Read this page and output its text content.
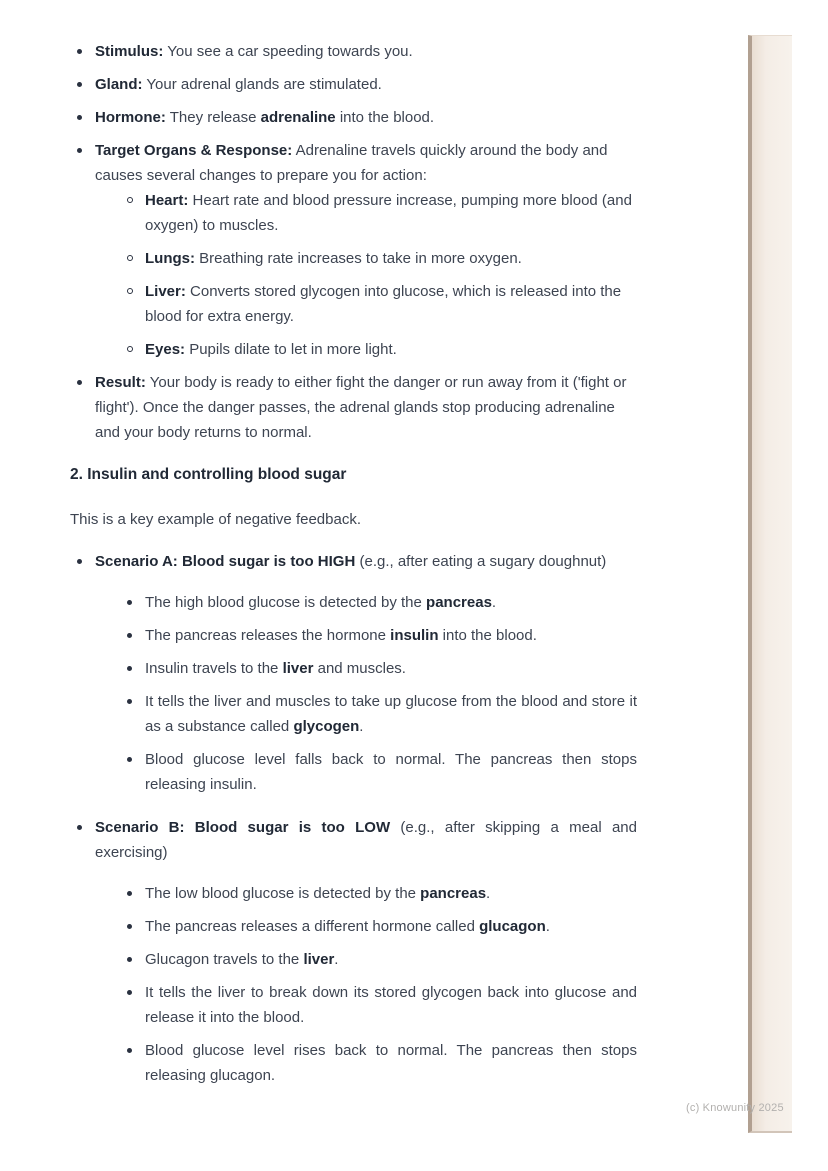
Stimulus: You see a car speeding towards you.
Gland: Your adrenal glands are stimulated.
Hormone: They release adrenaline into the blood.
Target Organs & Response: Adrenaline travels quickly around the body and causes several changes to prepare you for action:
Heart: Heart rate and blood pressure increase, pumping more blood (and oxygen) to muscles.
Lungs: Breathing rate increases to take in more oxygen.
Liver: Converts stored glycogen into glucose, which is released into the blood for extra energy.
Eyes: Pupils dilate to let in more light.
Result: Your body is ready to either fight the danger or run away from it ('fight or flight'). Once the danger passes, the adrenal glands stop producing adrenaline and your body returns to normal.
2. Insulin and controlling blood sugar

This is a key example of negative feedback.

Scenario A: Blood sugar is too HIGH (e.g., after eating a sugary doughnut)
The high blood glucose is detected by the pancreas.
The pancreas releases the hormone insulin into the blood.
Insulin travels to the liver and muscles.
It tells the liver and muscles to take up glucose from the blood and store it as a substance called glycogen.
Blood glucose level falls back to normal. The pancreas then stops releasing insulin.
Scenario B: Blood sugar is too LOW (e.g., after skipping a meal and exercising)
The low blood glucose is detected by the pancreas.
The pancreas releases a different hormone called glucagon.
Glucagon travels to the liver.
It tells the liver to break down its stored glycogen back into glucose and release it into the blood.
Blood glucose level rises back to normal. The pancreas then stops releasing glucagon.
(c) Knowunity 2025
